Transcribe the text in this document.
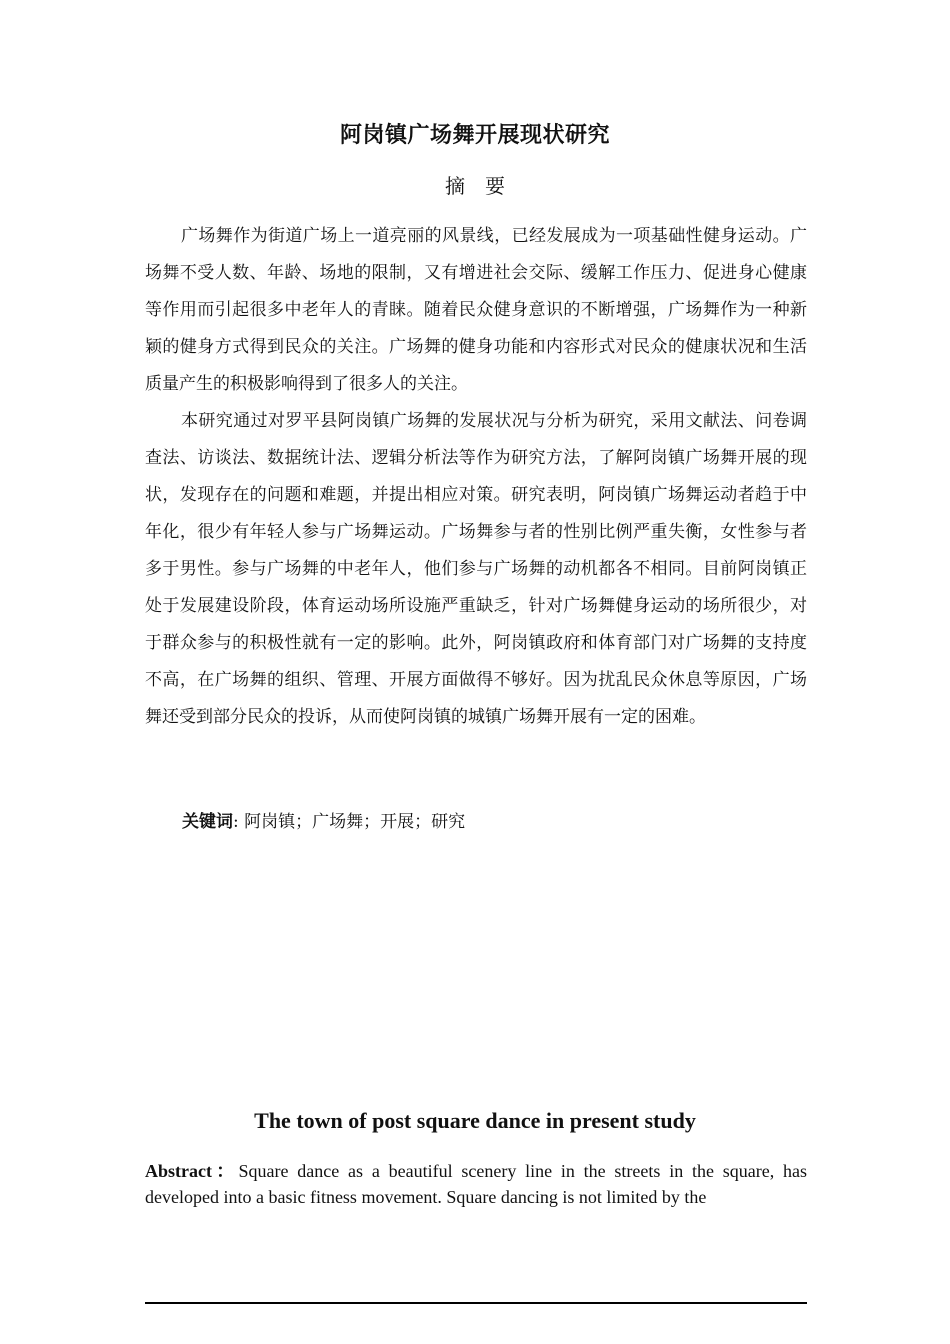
阿岗镇广场舞开展现状研究
摘要

广场舞作为街道广场上一道亮丽的风景线，已经发展成为一项基础性健身运动。广场舞不受人数、年龄、场地的限制，又有增进社会交际、缓解工作压力、促进身心健康等作用而引起很多中老年人的青睐。随着民众健身意识的不断增强，广场舞作为一种新颖的健身方式得到民众的关注。广场舞的健身功能和内容形式对民众的健康状况和生活质量产生的积极影响得到了很多人的关注。

本研究通过对罗平县阿岗镇广场舞的发展状况与分析为研究，采用文献法、问卷调查法、访谈法、数据统计法、逻辑分析法等作为研究方法，了解阿岗镇广场舞开展的现状，发现存在的问题和难题，并提出相应对策。研究表明，阿岗镇广场舞运动者趋于中年化，很少有年轻人参与广场舞运动。广场舞参与者的性别比例严重失衡，女性参与者多于男性。参与广场舞的中老年人，他们参与广场舞的动机都各不相同。目前阿岗镇正处于发展建设阶段，体育运动场所设施严重缺乏，针对广场舞健身运动的场所很少，对于群众参与的积极性就有一定的影响。此外，阿岗镇政府和体育部门对广场舞的支持度不高，在广场舞的组织、管理、开展方面做得不够好。因为扰乱民众休息等原因，广场舞还受到部分民众的投诉，从而使阿岗镇的城镇广场舞开展有一定的困难。

关键词: 阿岗镇；广场舞；开展；研究
The town of post square dance in present study

Abstract：Square dance as a beautiful scenery line in the streets in the square, has developed into a basic fitness movement. Square dancing is not limited by the
